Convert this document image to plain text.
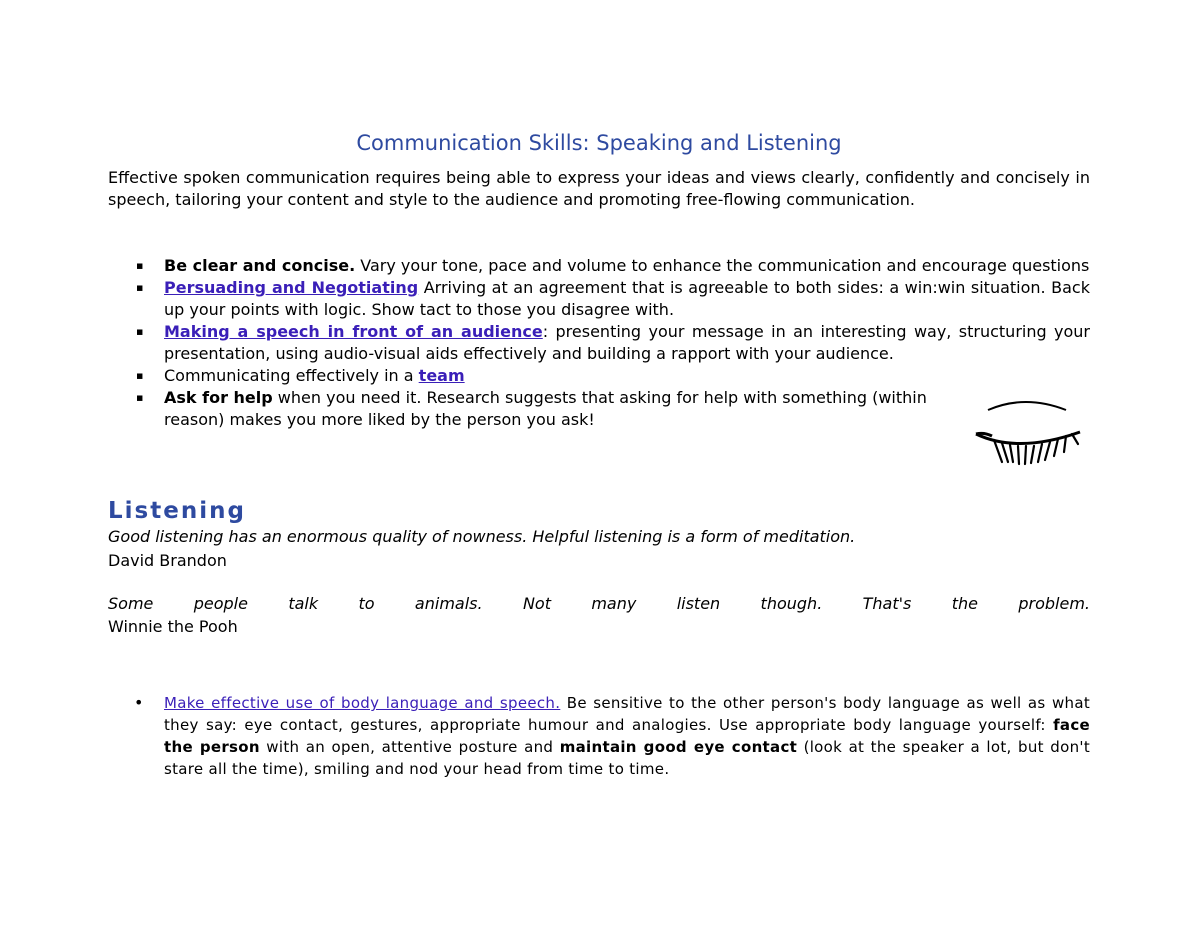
Communication Skills: Speaking and Listening

Effective spoken communication requires being able to express your ideas and views clearly, confidently and concisely in speech, tailoring your content and style to the audience and promoting free-flowing communication.

▪ Be clear and concise. Vary your tone, pace and volume to enhance the communication and encourage questions
▪ Persuading and Negotiating Arriving at an agreement that is agreeable to both sides: a win:win situation. Back up your points with logic. Show tact to those you disagree with.
▪ Making a speech in front of an audience: presenting your message in an interesting way, structuring your presentation, using audio-visual aids effectively and building a rapport with your audience.
▪ Communicating effectively in a team
▪ Ask for help when you need it. Research suggests that asking for help with something (within reason) makes you more liked by the person you ask!
Listening

Good listening has an enormous quality of nowness. Helpful listening is a form of meditation.

David Brandon

Some people talk to animals. Not many listen though. That's the problem.

Winnie the Pooh

• Make effective use of body language and speech. Be sensitive to the other person's body language as well as what they say: eye contact, gestures, appropriate humour and analogies. Use appropriate body language yourself: face the person with an open, attentive posture and maintain good eye contact (look at the speaker a lot, but don't stare all the time), smiling and nod your head from time to time.
